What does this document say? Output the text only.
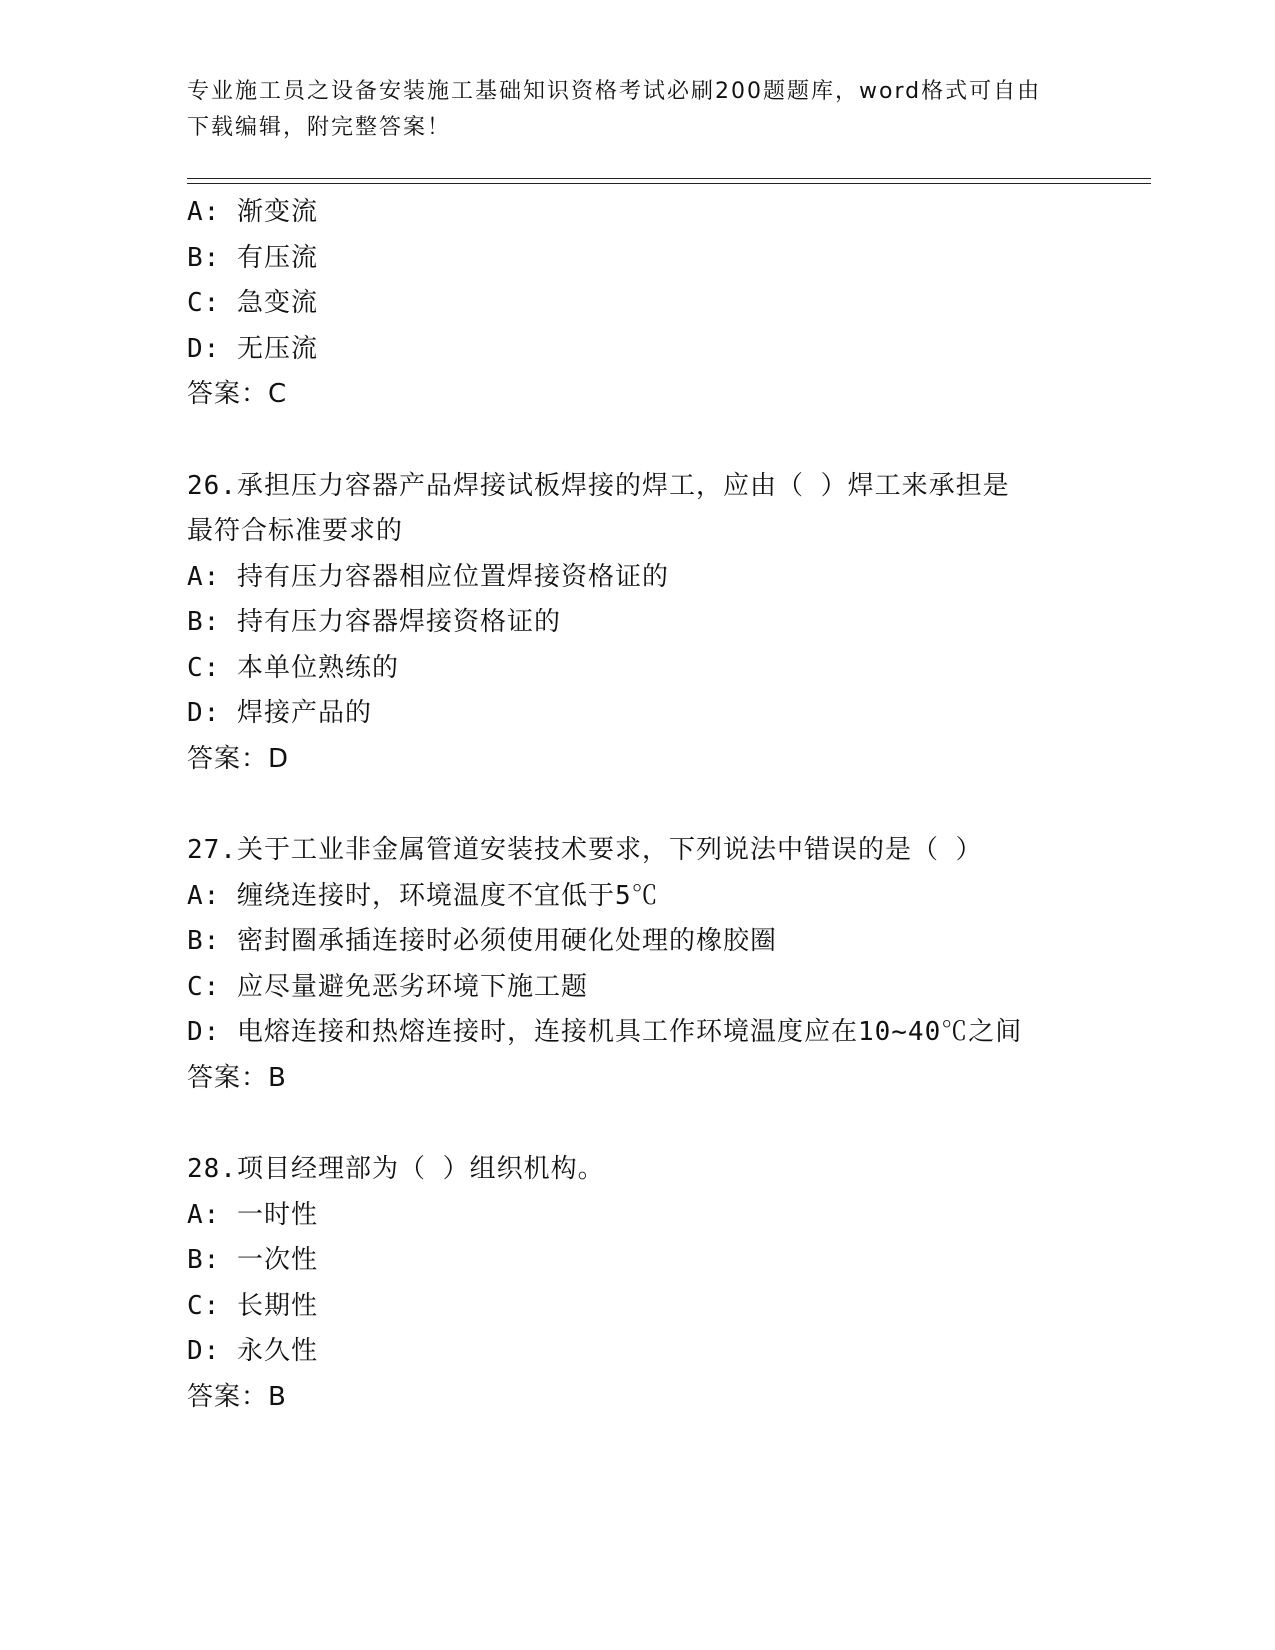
专业施工员之设备安装施工基础知识资格考试必刷200题题库，word格式可自由
下载编辑，附完整答案！
A: 渐变流
B: 有压流
C: 急变流
D: 无压流
答案：C
26.承担压力容器产品焊接试板焊接的焊工，应由（ ）焊工来承担是
最符合标准要求的
A: 持有压力容器相应位置焊接资格证的
B: 持有压力容器焊接资格证的
C: 本单位熟练的
D: 焊接产品的
答案：D
27.关于工业非金属管道安装技术要求，下列说法中错误的是（ ）
A: 缠绕连接时，环境温度不宜低于5℃
B: 密封圈承插连接时必须使用硬化处理的橡胶圈
C: 应尽量避免恶劣环境下施工题
D: 电熔连接和热熔连接时，连接机具工作环境温度应在10~40℃之间
答案：B
28.项目经理部为（ ）组织机构。
A: 一时性
B: 一次性
C: 长期性
D: 永久性
答案：B
